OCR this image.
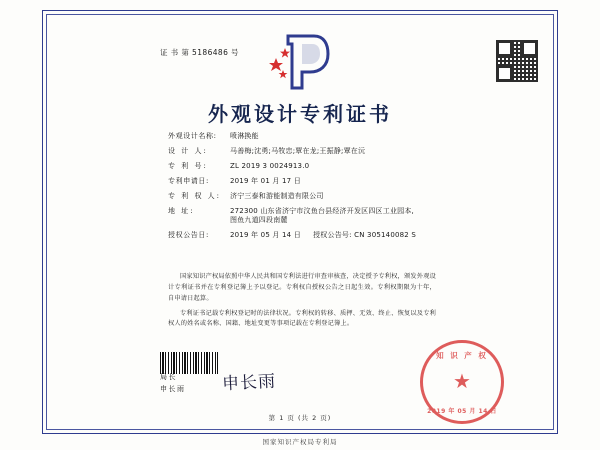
证 书 第 5186486 号
外观设计专利证书
外观设计名称:	喷淋换能
设 计 人:	马善梅;沈勇;马牧忠;覃在龙;王振静;覃在沅
专 利 号:	ZL 2019 3 0024913.0
专利申请日:	2019 年 01 月 17 日
专 利 权 人:	济宁三泰和游能制造有限公司
地 址:	272300 山东省济宁市汶鱼台县经济开发区四区工业园本,
图鱼九道四段南麓
授权公告日:	2019 年 05 月 14 日 授权公告号: CN 305140082 S

国家知识产权局依照中华人民共和国专利法进行审查审核查，决定授予专利权，颁发外观设计专利证书并在专利登记簿上予以登记。专利权自授权公告之日起生效。专利权期限为十年，自申请日起算。

专利证书记载专利权登记时的法律状况。专利权的转移、质押、无效、终止、恢复以及专利权人的姓名或名称、国籍、地址变更等事项记载在专利登记簿上。

局长
申长雨 申长雨
知 识 产 权
★
2019 年 05 月 14 日
第 1 页 (共 2 页)
国家知识产权局专利局
